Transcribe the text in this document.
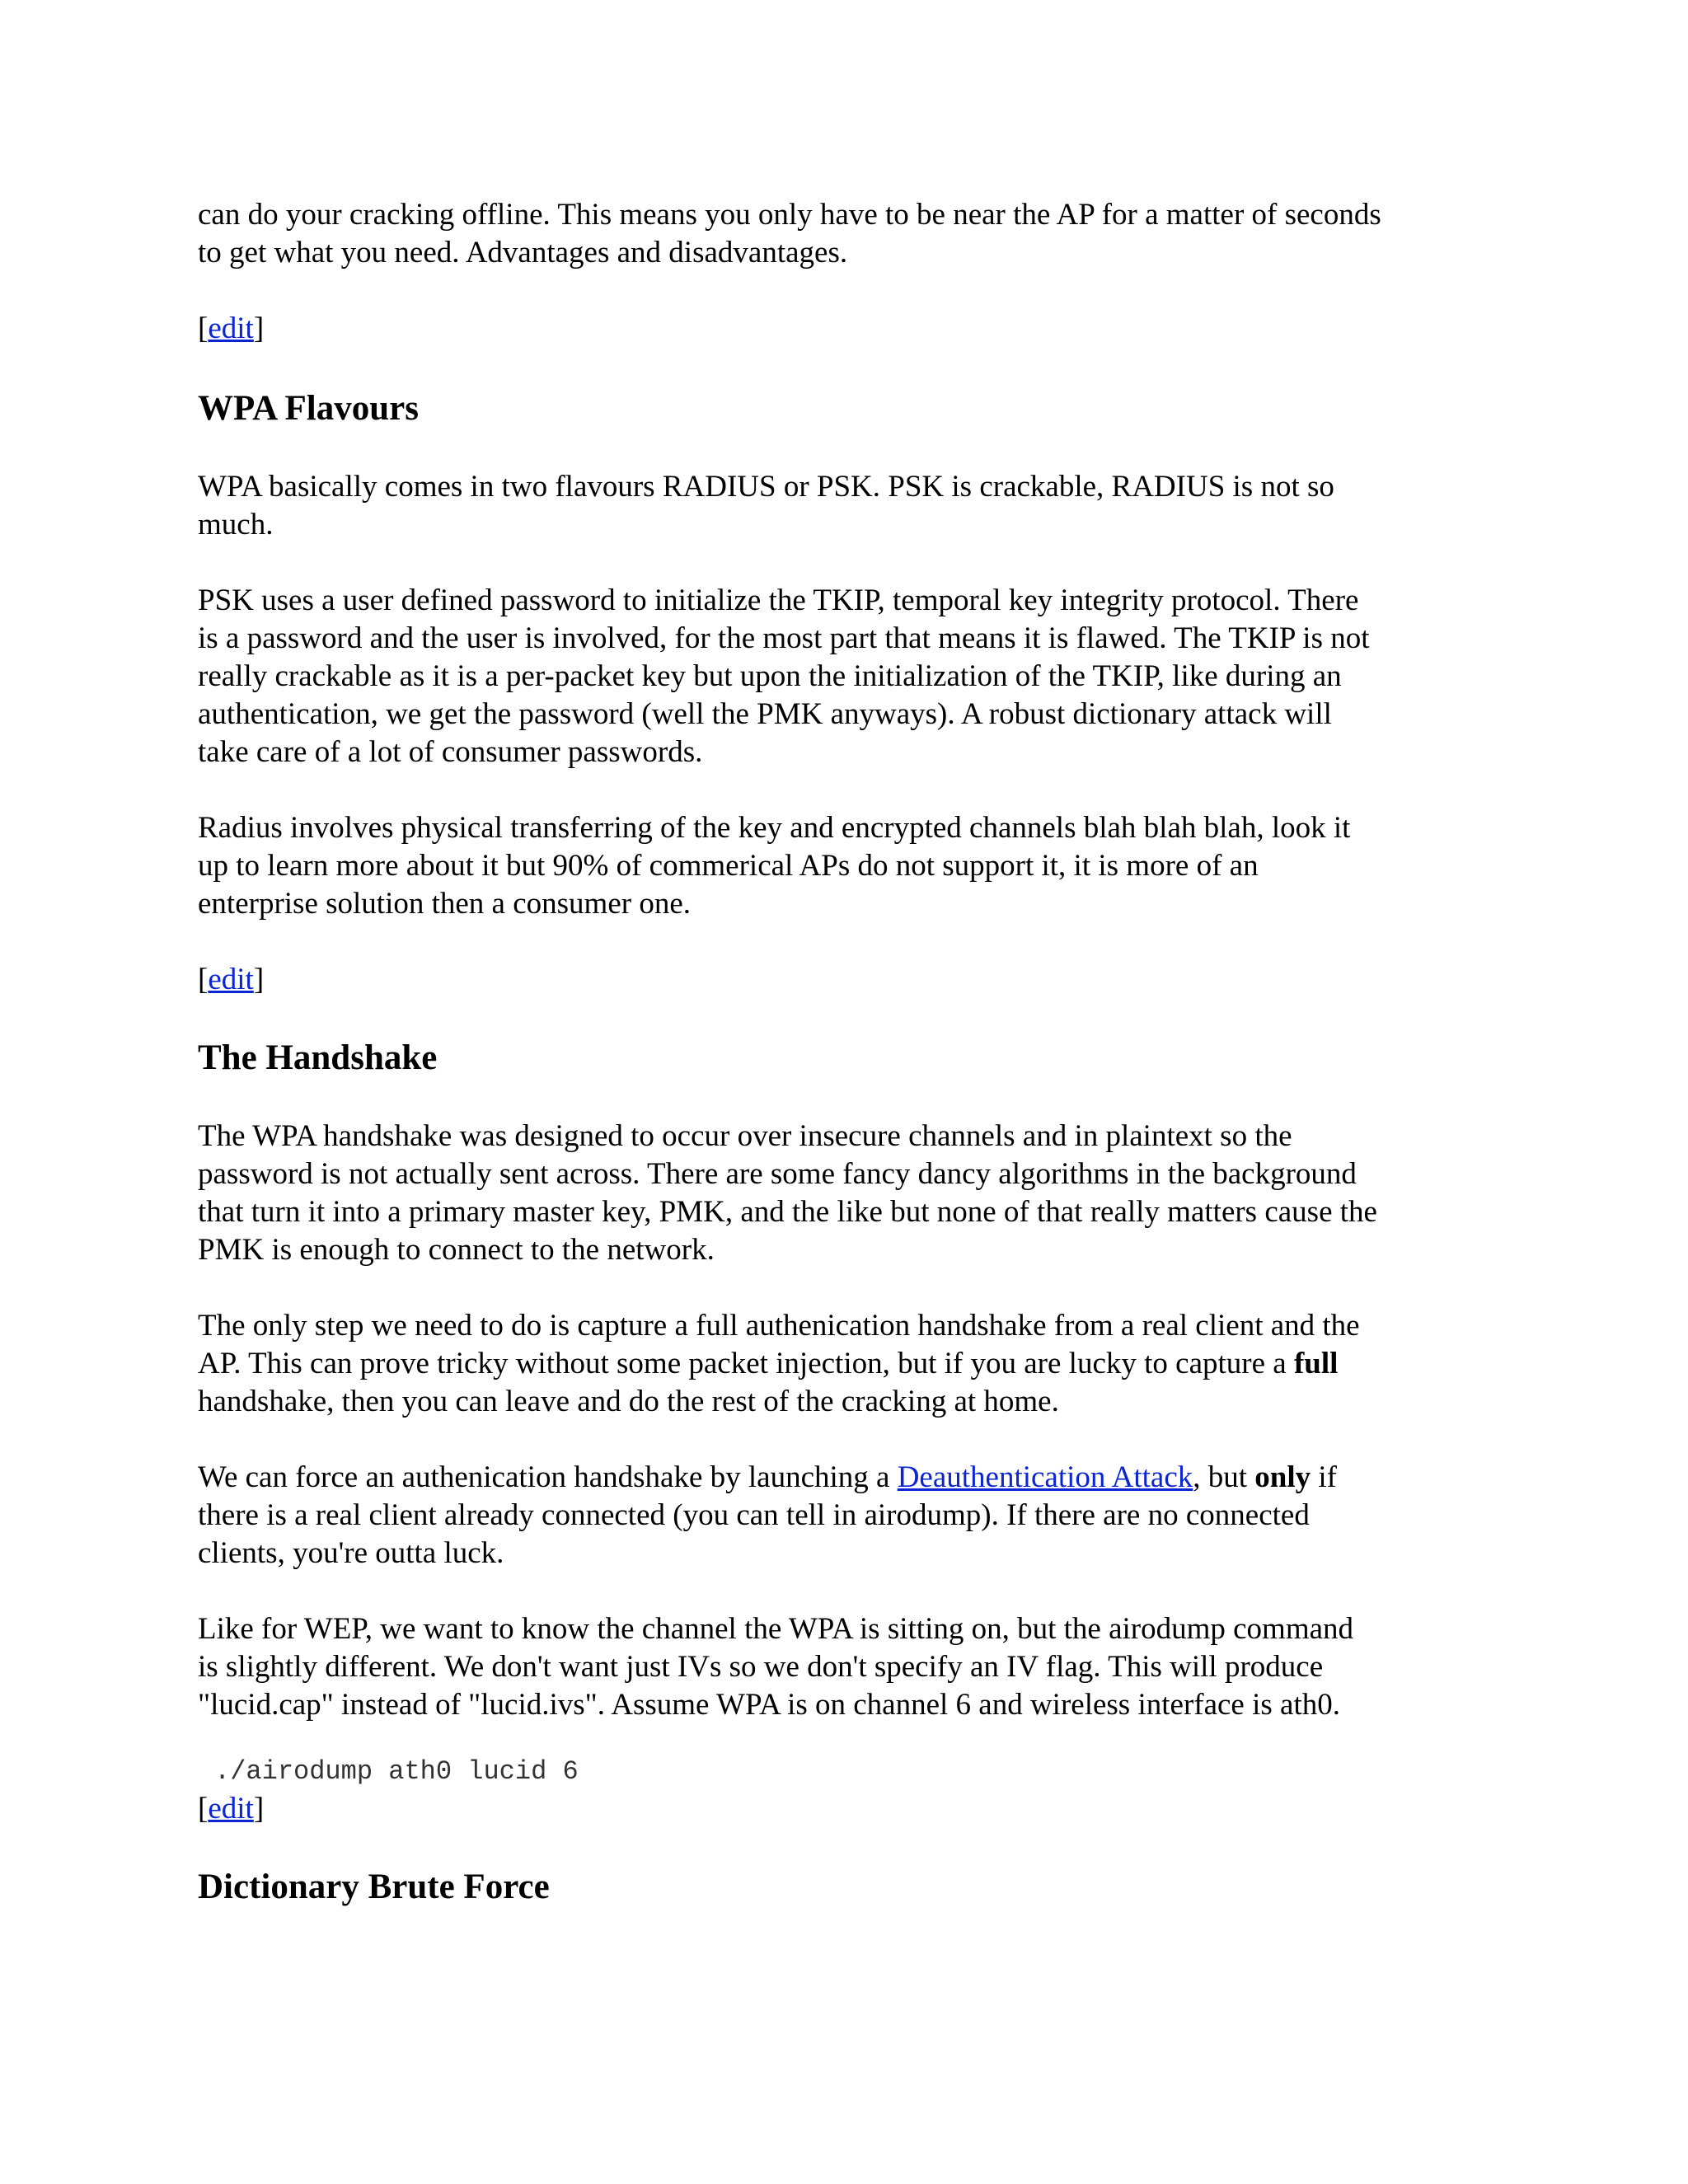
can do your cracking offline. This means you only have to be near the AP for a matter of seconds
to get what you need. Advantages and disadvantages.
[edit]
WPA Flavours
WPA basically comes in two flavours RADIUS or PSK. PSK is crackable, RADIUS is not so
much.
PSK uses a user defined password to initialize the TKIP, temporal key integrity protocol. There
is a password and the user is involved, for the most part that means it is flawed. The TKIP is not
really crackable as it is a per-packet key but upon the initialization of the TKIP, like during an
authentication, we get the password (well the PMK anyways). A robust dictionary attack will
take care of a lot of consumer passwords.
Radius involves physical transferring of the key and encrypted channels blah blah blah, look it
up to learn more about it but 90% of commerical APs do not support it, it is more of an
enterprise solution then a consumer one.
[edit]
The Handshake
The WPA handshake was designed to occur over insecure channels and in plaintext so the
password is not actually sent across. There are some fancy dancy algorithms in the background
that turn it into a primary master key, PMK, and the like but none of that really matters cause the
PMK is enough to connect to the network.
The only step we need to do is capture a full authenication handshake from a real client and the
AP. This can prove tricky without some packet injection, but if you are lucky to capture a full
handshake, then you can leave and do the rest of the cracking at home.
We can force an authenication handshake by launching a Deauthentication Attack, but only if
there is a real client already connected (you can tell in airodump). If there are no connected
clients, you're outta luck.
Like for WEP, we want to know the channel the WPA is sitting on, but the airodump command
is slightly different. We don't want just IVs so we don't specify an IV flag. This will produce
"lucid.cap" instead of "lucid.ivs". Assume WPA is on channel 6 and wireless interface is ath0.
./airodump ath0 lucid 6
[edit]
Dictionary Brute Force
